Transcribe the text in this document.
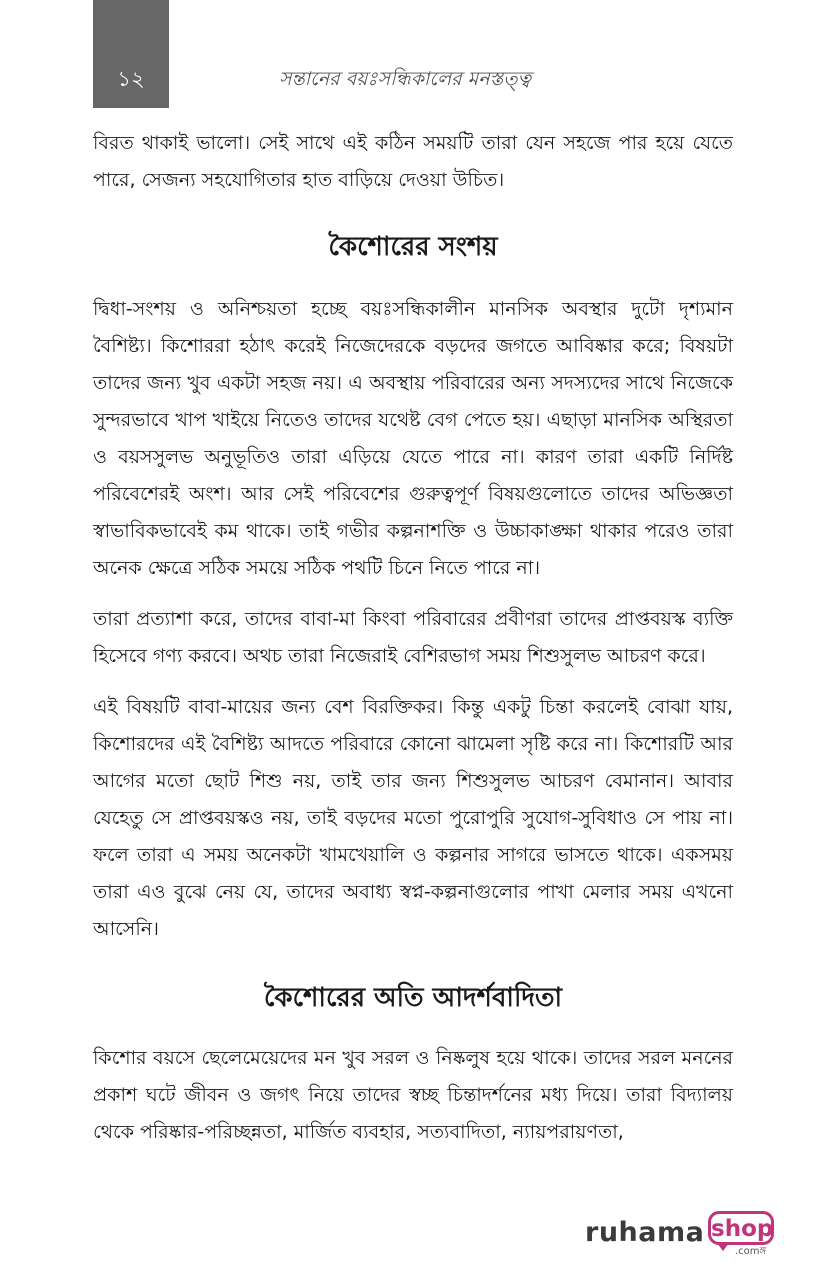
১২	সন্তানের বয়ঃসন্ধিকালের মনস্তত্ত্ব

বিরত থাকাই ভালো। সেই সাথে এই কঠিন সময়টি তারা যেন সহজে পার হয়ে যেতে পারে, সেজন্য সহযোগিতার হাত বাড়িয়ে দেওয়া উচিত।

কৈশোরের সংশয়

দ্বিধা-সংশয় ও অনিশ্চয়তা হচ্ছে বয়ঃসন্ধিকালীন মানসিক অবস্থার দুটো দৃশ্যমান বৈশিষ্ট্য। কিশোররা হঠাৎ করেই নিজেদেরকে বড়দের জগতে আবিষ্কার করে; বিষয়টা তাদের জন্য খুব একটা সহজ নয়। এ অবস্থায় পরিবারের অন্য সদস্যদের সাথে নিজেকে সুন্দরভাবে খাপ খাইয়ে নিতেও তাদের যথেষ্ট বেগ পেতে হয়। এছাড়া মানসিক অস্থিরতা ও বয়সসুলভ অনুভূতিও তারা এড়িয়ে যেতে পারে না। কারণ তারা একটি নির্দিষ্ট পরিবেশেরই অংশ। আর সেই পরিবেশের গুরুত্বপূর্ণ বিষয়গুলোতে তাদের অভিজ্ঞতা স্বাভাবিকভাবেই কম থাকে। তাই গভীর কল্পনাশক্তি ও উচ্চাকাঙ্ক্ষা থাকার পরেও তারা অনেক ক্ষেত্রে সঠিক সময়ে সঠিক পথটি চিনে নিতে পারে না।

তারা প্রত্যাশা করে, তাদের বাবা-মা কিংবা পরিবারের প্রবীণরা তাদের প্রাপ্তবয়স্ক ব্যক্তি হিসেবে গণ্য করবে। অথচ তারা নিজেরাই বেশিরভাগ সময় শিশুসুলভ আচরণ করে।

এই বিষয়টি বাবা-মায়ের জন্য বেশ বিরক্তিকর। কিন্তু একটু চিন্তা করলেই বোঝা যায়, কিশোরদের এই বৈশিষ্ট্য আদতে পরিবারে কোনো ঝামেলা সৃষ্টি করে না। কিশোরটি আর আগের মতো ছোট শিশু নয়, তাই তার জন্য শিশুসুলভ আচরণ বেমানান। আবার যেহেতু সে প্রাপ্তবয়স্কও নয়, তাই বড়দের মতো পুরোপুরি সুযোগ-সুবিধাও সে পায় না। ফলে তারা এ সময় অনেকটা খামখেয়ালি ও কল্পনার সাগরে ভাসতে থাকে। একসময় তারা এও বুঝে নেয় যে, তাদের অবাধ্য স্বপ্ন-কল্পনাগুলোর পাখা মেলার সময় এখনো আসেনি।

কৈশোরের অতি আদর্শবাদিতা

কিশোর বয়সে ছেলেমেয়েদের মন খুব সরল ও নিষ্কলুষ হয়ে থাকে। তাদের সরল মননের প্রকাশ ঘটে জীবন ও জগৎ নিয়ে তাদের স্বচ্ছ চিন্তাদর্শনের মধ্য দিয়ে। তারা বিদ্যালয় থেকে পরিষ্কার-পরিচ্ছন্নতা, মার্জিত ব্যবহার, সত্যবাদিতা, ন্যায়পরায়ণতা,

ruhama shop
.comঙ্গ
